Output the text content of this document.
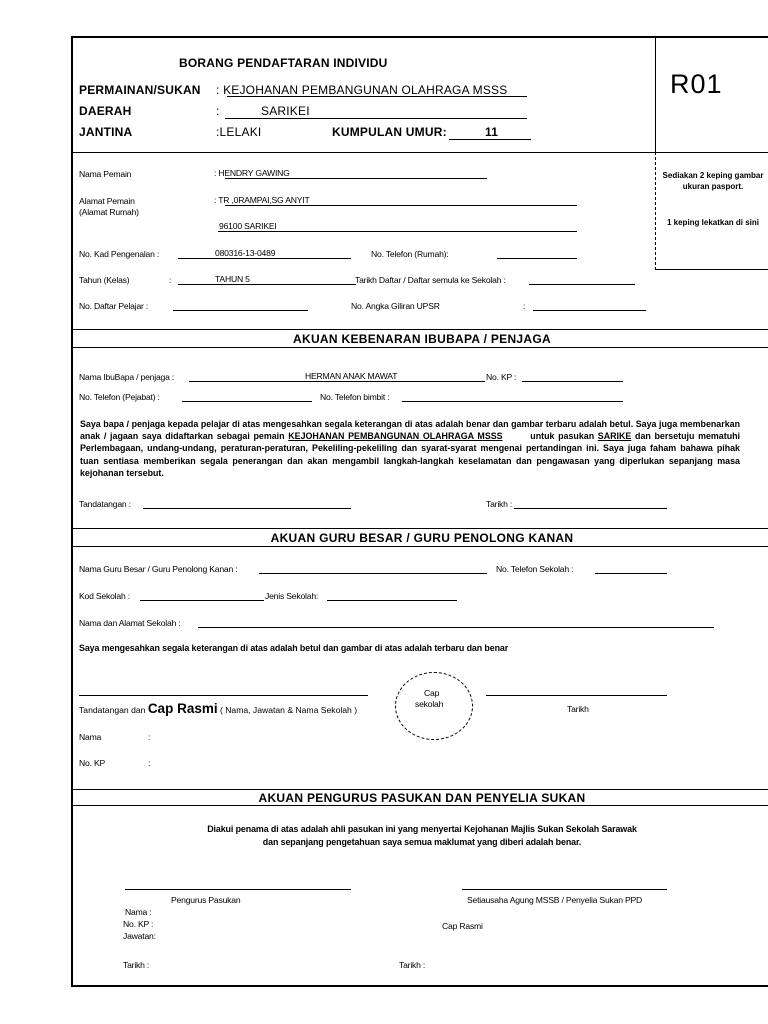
R01
BORANG PENDAFTARAN INDIVIDU
PERMAINAN/SUKAN : KEJOHANAN PEMBANGUNAN OLAHRAGA MSSS
DAERAH	:	SARIKEI
JANTINA	:LELAKI	KUMPULAN UMUR:	11
Sediakan 2 keping gambar ukuran pasport.
1 keping lekatkan di sini
Nama Pemain	: HENDRY GAWING
Alamat Pemain
(Alamat Rumah)
: TR ,0RAMPAI,SG ANYIT
96100 SARIKEI
No. Kad Pengenalan :	080316-13-0489	No. Telefon (Rumah):
Tahun (Kelas)	:	TAHUN 5	Tarikh Daftar / Daftar semula ke Sekolah :
No. Daftar Pelajar :	No. Angka Giliran UPSR	:
AKUAN KEBENARAN IBUBAPA / PENJAGA
Nama IbuBapa / penjaga :	HERMAN ANAK MAWAT	No. KP :
No. Telefon (Pejabat) :	No. Telefon bimbit :
Saya bapa / penjaga kepada pelajar di atas mengesahkan segala keterangan di atas adalah benar dan gambar terbaru adalah betul. Saya juga membenarkan anak / jagaan saya didaftarkan sebagai pemain KEJOHANAN PEMBANGUNAN OLAHRAGA MSSS	untuk pasukan SARIKE dan bersetuju mematuhi Perlembagaan, undang-undang, peraturan-peraturan, Pekeliling-pekeliling dan syarat-syarat mengenai pertandingan ini. Saya juga faham bahawa pihak tuan sentiasa memberikan segala penerangan dan akan mengambil langkah-langkah keselamatan dan pengawasan yang diperlukan sepanjang masa kejohanan tersebut.
Tandatangan :	Tarikh :
AKUAN GURU BESAR / GURU PENOLONG KANAN
Nama Guru Besar / Guru Penolong Kanan :	No. Telefon Sekolah :
Kod Sekolah :	Jenis Sekolah:
Nama dan Alamat Sekolah :
Saya mengesahkan segala keterangan di atas adalah betul dan gambar di atas adalah terbaru dan benar
Tandatangan dan Cap Rasmi ( Nama, Jawatan & Nama Sekolah )
Cap
sekolah	Tarikh
Nama	:
No. KP	:
AKUAN PENGURUS PASUKAN DAN PENYELIA SUKAN
Diakui penama di atas adalah ahli pasukan ini yang menyertai Kejohanan Majlis Sukan Sekolah Sarawak
dan sepanjang pengetahuan saya semua maklumat yang diberi adalah benar.
Pengurus Pasukan	Setiausaha Agung MSSB / Penyelia Sukan PPD
Nama :
No. KP :
Jawatan:
Cap Rasmi
Tarikh :	Tarikh :
